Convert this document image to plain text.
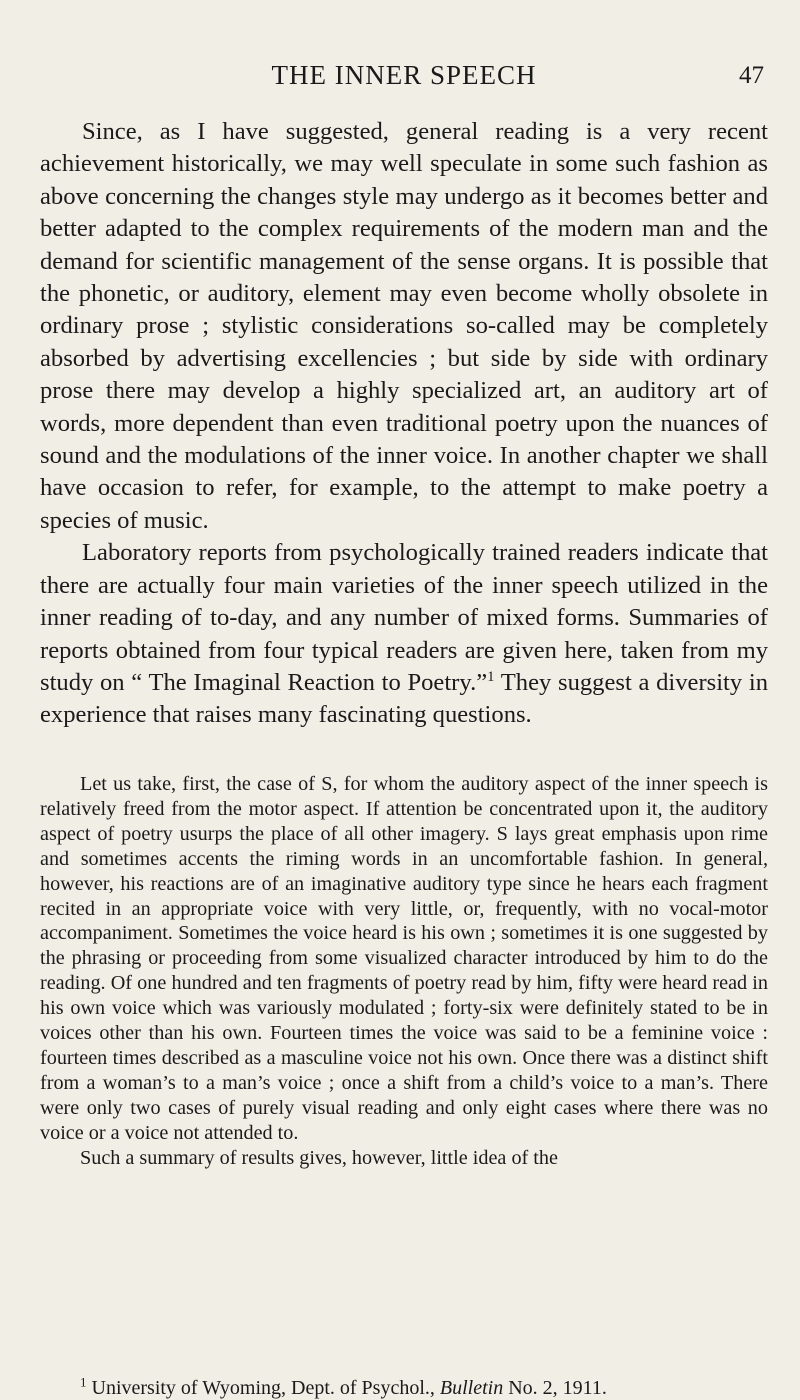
THE INNER SPEECH	47

Since, as I have suggested, general reading is a very recent achievement historically, we may well speculate in some such fashion as above concerning the changes style may undergo as it becomes better and better adapted to the complex requirements of the modern man and the demand for scientific management of the sense organs. It is possible that the phonetic, or auditory, element may even become wholly obsolete in ordinary prose ; stylistic considerations so-called may be completely absorbed by advertising excellencies ; but side by side with ordinary prose there may develop a highly specialized art, an auditory art of words, more dependent than even traditional poetry upon the nuances of sound and the modulations of the inner voice. In another chapter we shall have occasion to refer, for example, to the attempt to make poetry a species of music.

Laboratory reports from psychologically trained readers indicate that there are actually four main varieties of the inner speech utilized in the inner reading of to-day, and any number of mixed forms. Summaries of reports obtained from four typical readers are given here, taken from my study on “ The Imaginal Reaction to Poetry.”$^1$ They suggest a diversity in experience that raises many fascinating questions.

Let us take, first, the case of S, for whom the auditory aspect of the inner speech is relatively freed from the motor aspect. If attention be concentrated upon it, the auditory aspect of poetry usurps the place of all other imagery. S lays great emphasis upon rime and sometimes accents the riming words in an uncomfortable fashion. In general, however, his reactions are of an imaginative auditory type since he hears each fragment recited in an appropriate voice with very little, or, frequently, with no vocal-motor accompaniment. Sometimes the voice heard is his own ; sometimes it is one suggested by the phrasing or proceeding from some visualized character introduced by him to do the reading. Of one hundred and ten fragments of poetry read by him, fifty were heard read in his own voice which was variously modulated ; forty-six were definitely stated to be in voices other than his own. Fourteen times the voice was said to be a feminine voice : fourteen times described as a masculine voice not his own. Once there was a distinct shift from a woman’s to a man’s voice ; once a shift from a child’s voice to a man’s. There were only two cases of purely visual reading and only eight cases where there was no voice or a voice not attended to.

Such a summary of results gives, however, little idea of the

$^1$ University of Wyoming, Dept. of Psychol., Bulletin No. 2, 1911.
